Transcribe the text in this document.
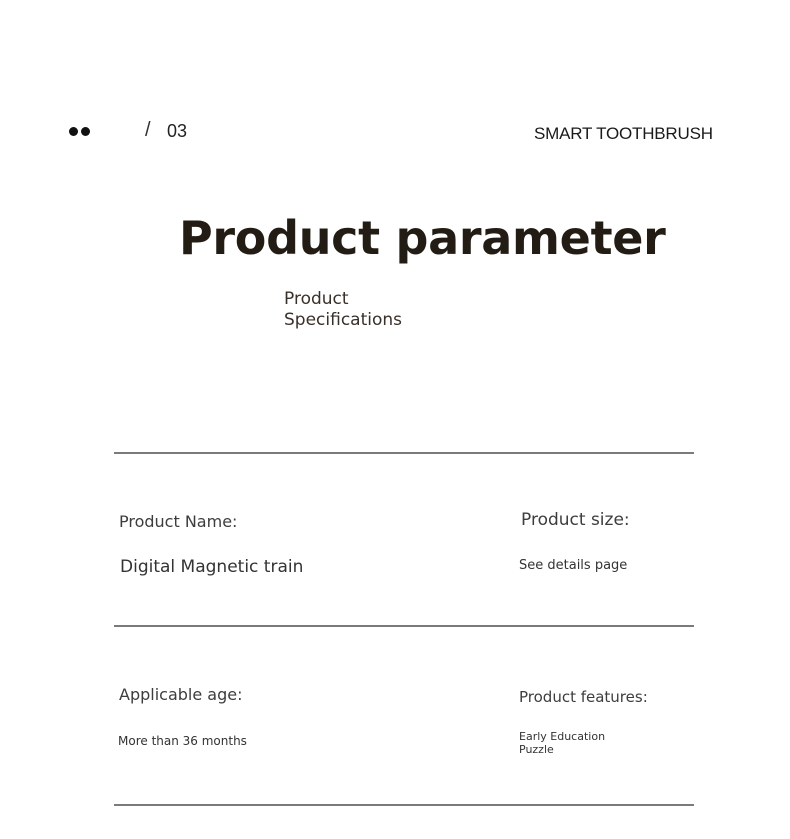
/ 03	SMART TOOTHBRUSH
Product parameter
Product
Specifications
Product Name:
Digital Magnetic train
Product size:
See details page
Applicable age:
More than 36 months
Product features:
Early Education
Puzzle
